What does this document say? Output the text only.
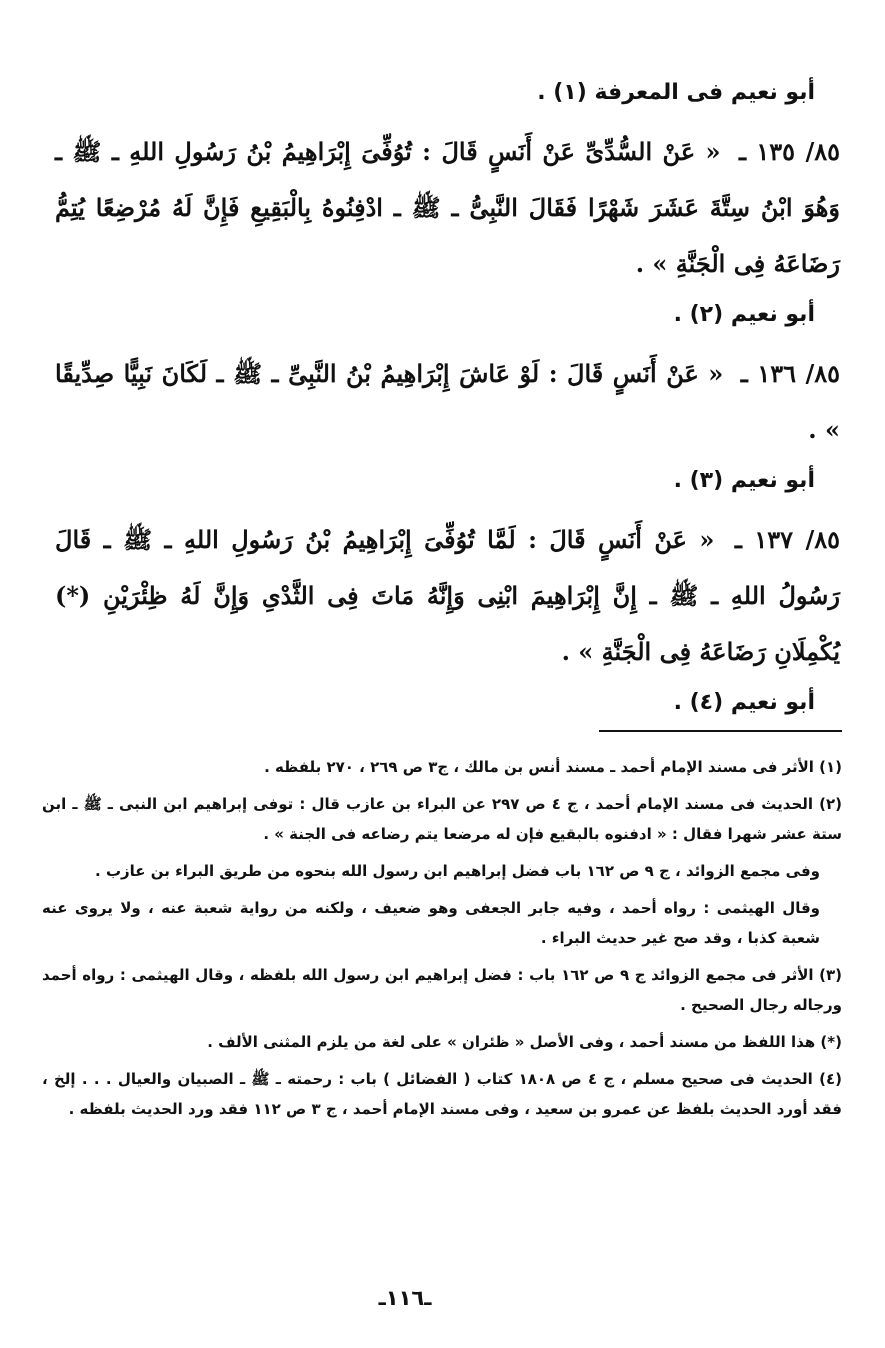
أبو نعيم فى المعرفة (١) .

٨٥/ ١٣٥ ـ « عَنْ السُّدِّىِّ عَنْ أَنَسٍ قَالَ : تُوُفِّىَ إِبْرَاهِيمُ بْنُ رَسُولِ اللهِ ـ ﷺ ـ وَهُوَ ابْنُ سِتَّةَ عَشَرَ شَهْرًا فَقَالَ النَّبِىُّ ـ ﷺ ـ ادْفِنُوهُ بِالْبَقِيعِ فَإِنَّ لَهُ مُرْضِعًا يُتِمُّ رَضَاعَهُ فِى الْجَنَّةِ » .

أبو نعيم (٢) .

٨٥/ ١٣٦ ـ « عَنْ أَنَسٍ قَالَ : لَوْ عَاشَ إِبْرَاهِيمُ بْنُ النَّبِىِّ ـ ﷺ ـ لَكَانَ نَبِيًّا صِدِّيقًا » .

أبو نعيم (٣) .

٨٥/ ١٣٧ ـ « عَنْ أَنَسٍ قَالَ : لَمَّا تُوُفِّىَ إِبْرَاهِيمُ بْنُ رَسُولِ اللهِ ـ ﷺ ـ قَالَ رَسُولُ اللهِ ـ ﷺ ـ إِنَّ إِبْرَاهِيمَ ابْنِى وَإِنَّهُ مَاتَ فِى الثَّدْىِ وَإِنَّ لَهُ ظِئْرَيْنِ (*) يُكْمِلَانِ رَضَاعَهُ فِى الْجَنَّةِ » .

أبو نعيم (٤) .

(١) الأثر فى مسند الإمام أحمد ـ مسند أنس بن مالك ، ج٣ ص ٢٦٩ ، ٢٧٠ بلفظه .

(٢) الحديث فى مسند الإمام أحمد ، ج ٤ ص ٢٩٧ عن البراء بن عازب قال : توفى إبراهيم ابن النبى ـ ﷺ ـ ابن ستة عشر شهرا فقال : « ادفنوه بالبقيع فإن له مرضعا يتم رضاعه فى الجنة » .

وفى مجمع الزوائد ، ج ٩ ص ١٦٢ باب فضل إبراهيم ابن رسول الله بنحوه من طريق البراء بن عازب .

وقال الهيثمى : رواه أحمد ، وفيه جابر الجعفى وهو ضعيف ، ولكنه من رواية شعبة عنه ، ولا يروى عنه شعبة كذبا ، وقد صح غير حديث البراء .

(٣) الأثر فى مجمع الزوائد ج ٩ ص ١٦٢ باب : فضل إبراهيم ابن رسول الله بلفظه ، وقال الهيثمى : رواه أحمد ورجاله رجال الصحيح .

(*) هذا اللفظ من مسند أحمد ، وفى الأصل « ظئران » على لغة من يلزم المثنى الألف .

(٤) الحديث فى صحيح مسلم ، ج ٤ ص ١٨٠٨ كتاب ( الفضائل ) باب : رحمته ـ ﷺ ـ الصبيان والعيال . . . إلخ ، فقد أورد الحديث بلفظ عن عمرو بن سعيد ، وفى مسند الإمام أحمد ، ج ٣ ص ١١٢ فقد ورد الحديث بلفظه .

ـ١١٦ـ
